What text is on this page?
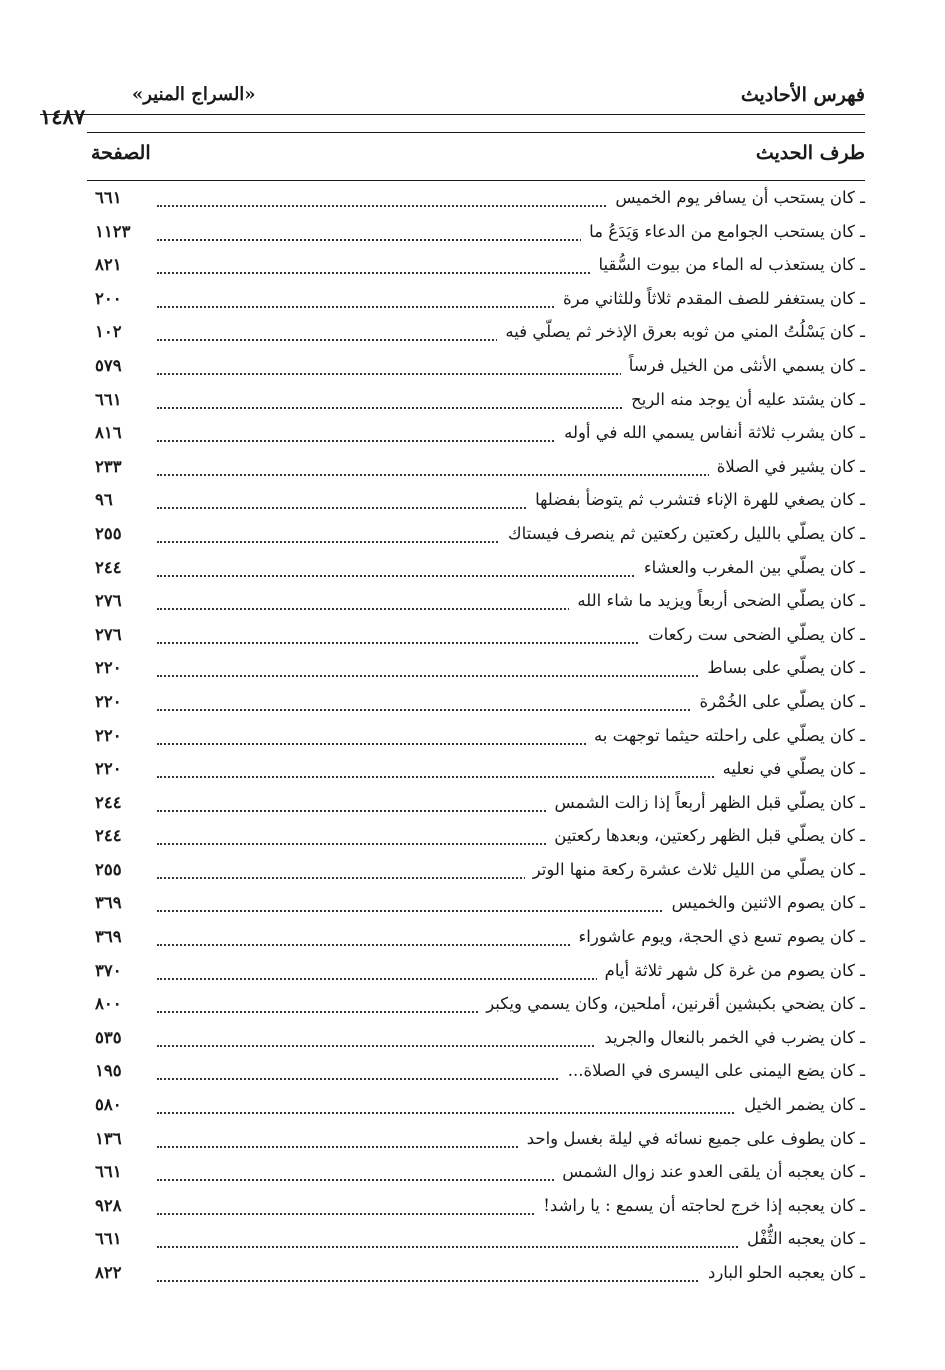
فهرس الأحاديث
«السراج المنير»
١٤٨٧
طرف الحديث
الصفحة
ـ كان يستحب أن يسافر يوم الخميس
٦٦١
ـ كان يستحب الجوامع من الدعاء وَيَدَعُ ما
١١٢٣
ـ كان يستعذب له الماء من بيوت السُّقيا
٨٢١
ـ كان يستغفر للصف المقدم ثلاثاً وللثاني مرة
٢٠٠
ـ كان يَسْلُتُ المني من ثوبه بعرق الإذخر ثم يصلّي فيه
١٠٢
ـ كان يسمي الأنثى من الخيل فرساً
٥٧٩
ـ كان يشتد عليه أن يوجد منه الريح
٦٦١
ـ كان يشرب ثلاثة أنفاس يسمي الله في أوله
٨١٦
ـ كان يشير في الصلاة
٢٣٣
ـ كان يصغي للهرة الإناء فتشرب ثم يتوضأ بفضلها
٩٦
ـ كان يصلّي بالليل ركعتين ركعتين ثم ينصرف فيستاك
٢٥٥
ـ كان يصلّي بين المغرب والعشاء
٢٤٤
ـ كان يصلّي الضحى أربعاً ويزيد ما شاء الله
٢٧٦
ـ كان يصلّي الضحى ست ركعات
٢٧٦
ـ كان يصلّي على بساط
٢٢٠
ـ كان يصلّي على الخُمْرة
٢٢٠
ـ كان يصلّي على راحلته حيثما توجهت به
٢٢٠
ـ كان يصلّي في نعليه
٢٢٠
ـ كان يصلّي قبل الظهر أربعاً إذا زالت الشمس
٢٤٤
ـ كان يصلّي قبل الظهر ركعتين، وبعدها ركعتين
٢٤٤
ـ كان يصلّي من الليل ثلاث عشرة ركعة منها الوتر
٢٥٥
ـ كان يصوم الاثنين والخميس
٣٦٩
ـ كان يصوم تسع ذي الحجة، ويوم عاشوراء
٣٦٩
ـ كان يصوم من غرة كل شهر ثلاثة أيام
٣٧٠
ـ كان يضحي بكبشين أقرنين، أملحين، وكان يسمي ويكبر
٨٠٠
ـ كان يضرب في الخمر بالنعال والجريد
٥٣٥
ـ كان يضع اليمنى على اليسرى في الصلاة...
١٩٥
ـ كان يضمر الخيل
٥٨٠
ـ كان يطوف على جميع نسائه في ليلة بغسل واحد
١٣٦
ـ كان يعجبه أن يلقى العدو عند زوال الشمس
٦٦١
ـ كان يعجبه إذا خرج لحاجته أن يسمع : يا راشد!
٩٢٨
ـ كان يعجبه الثُّفْل
٦٦١
ـ كان يعجبه الحلو البارد
٨٢٢
